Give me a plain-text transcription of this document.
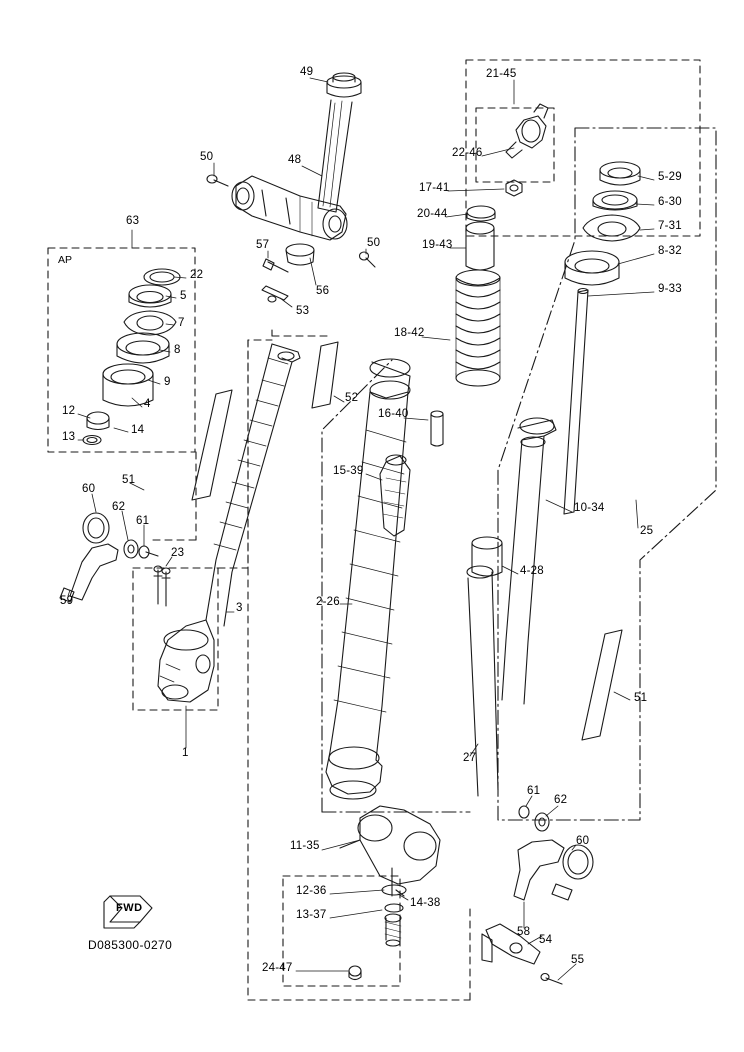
49
50	48
50
57
56
53
63
22
5
7
8
9
4
12
14
13
51
60
62
61
23
59
3
1
52
2-26
27
16-40
15-39
18-42
19-43
20-44
17-41
22-46
21-45
5-29
6-30
7-31
8-32
9-33
10-34
25
4-28
51
61
62
60
58
54
55
11-35
12-36
13-37
14-38
24-47
AP
FWD
D085300-0270
